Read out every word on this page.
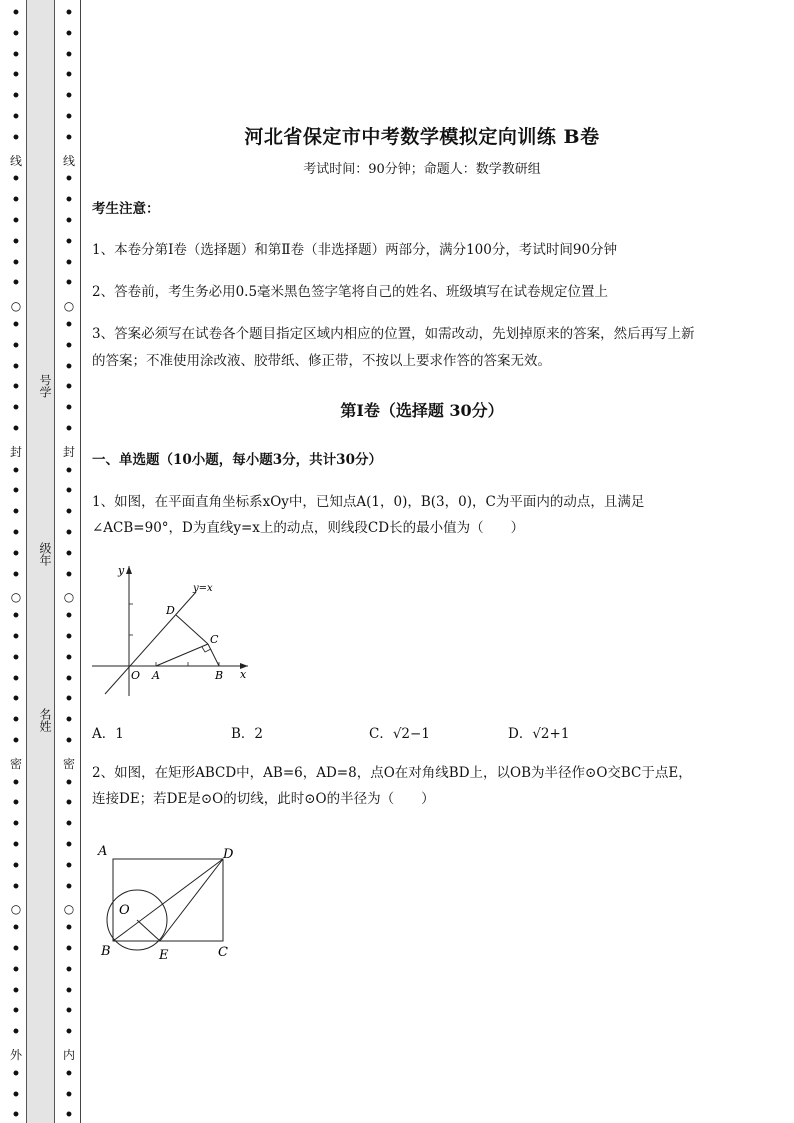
•
•
•
•
•
•
•
线
•
•
•
•
•
•
○
•
•
•
•
•
•
封
•
•
•
•
•
•
○
•
•
•
•
•
•
•
密
•
•
•
•
•
•
○
•
•
•
•
•
•
外
•
•
•
•
•
•
•
•
•
•
线
•
•
•
•
•
•
○
•
•
•
•
•
•
封
•
•
•
•
•
•
○
•
•
•
•
•
•
•
密
•
•
•
•
•
•
○
•
•
•
•
•
•
内
•
•
•
号学
级年
名姓
河北省保定市中考数学模拟定向训练 B卷
考试时间：90分钟；命题人：数学教研组
考生注意：
1、本卷分第I卷（选择题）和第Ⅱ卷（非选择题）两部分，满分100分，考试时间90分钟
2、答卷前，考生务必用0.5毫米黑色签字笔将自己的姓名、班级填写在试卷规定位置上
3、答案必须写在试卷各个题目指定区域内相应的位置，如需改动，先划掉原来的答案，然后再写上新
的答案；不准使用涂改液、胶带纸、修正带，不按以上要求作答的答案无效。
第I卷（选择题 30分）
一、单选题（10小题，每小题3分，共计30分）
1、如图，在平面直角坐标系xOy中，已知点A(1，0)，B(3，0)，C为平面内的动点，且满足
∠ACB=90°，D为直线y=x上的动点，则线段CD长的最小值为（　　）
A．1	B．2	C．√2−1	D．√2+1
2、如图，在矩形ABCD中，AB=6，AD=8，点O在对角线BD上，以OB为半径作⊙O交BC于点E，
连接DE；若DE是⊙O的切线，此时⊙O的半径为（　　）
y
y=x
D
C
O A	B x
A	D
O
B	E	C
